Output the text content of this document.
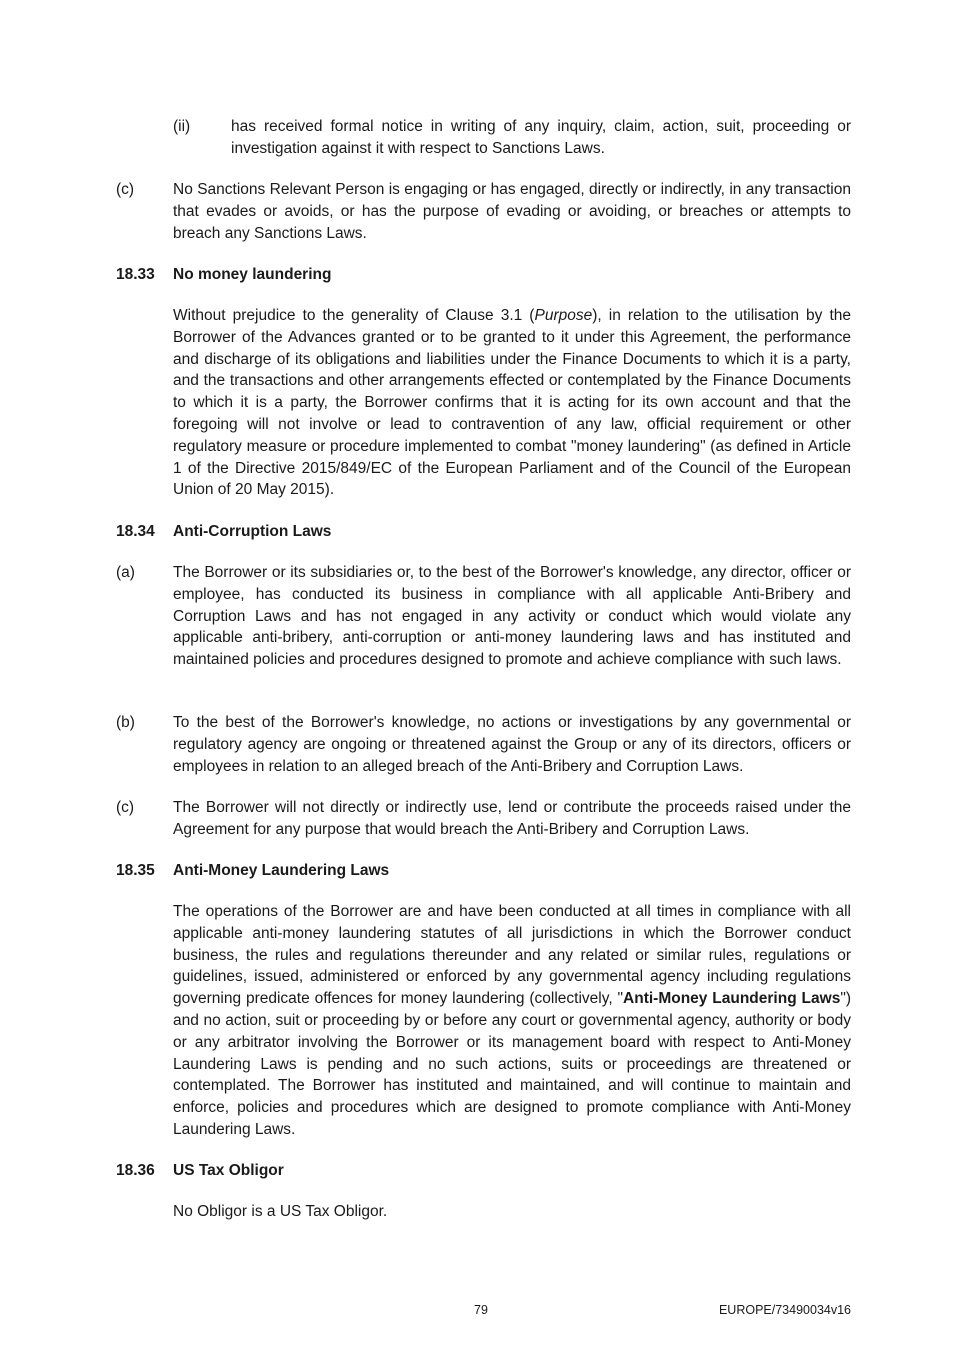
(ii)	has received formal notice in writing of any inquiry, claim, action, suit, proceeding or investigation against it with respect to Sanctions Laws.

(c)	No Sanctions Relevant Person is engaging or has engaged, directly or indirectly, in any transaction that evades or avoids, or has the purpose of evading or avoiding, or breaches or attempts to breach any Sanctions Laws.

18.33 No money laundering

Without prejudice to the generality of Clause 3.1 (Purpose), in relation to the utilisation by the Borrower of the Advances granted or to be granted to it under this Agreement, the performance and discharge of its obligations and liabilities under the Finance Documents to which it is a party, and the transactions and other arrangements effected or contemplated by the Finance Documents to which it is a party, the Borrower confirms that it is acting for its own account and that the foregoing will not involve or lead to contravention of any law, official requirement or other regulatory measure or procedure implemented to combat "money laundering" (as defined in Article 1 of the Directive 2015/849/EC of the European Parliament and of the Council of the European Union of 20 May 2015).

18.34 Anti-Corruption Laws
(a) The Borrower or its subsidiaries or, to the best of the Borrower's knowledge, any director, officer or employee, has conducted its business in compliance with all applicable Anti-Bribery and Corruption Laws and has not engaged in any activity or conduct which would violate any applicable anti-bribery, anti-corruption or anti-money laundering laws and has instituted and maintained policies and procedures designed to promote and achieve compliance with such laws.

(b) To the best of the Borrower's knowledge, no actions or investigations by any governmental or regulatory agency are ongoing or threatened against the Group or any of its directors, officers or employees in relation to an alleged breach of the Anti-Bribery and Corruption Laws.

(c)	The Borrower will not directly or indirectly use, lend or contribute the proceeds raised under the Agreement for any purpose that would breach the Anti-Bribery and Corruption Laws.

18.35 Anti-Money Laundering Laws

The operations of the Borrower are and have been conducted at all times in compliance with all applicable anti-money laundering statutes of all jurisdictions in which the Borrower conduct business, the rules and regulations thereunder and any related or similar rules, regulations or guidelines, issued, administered or enforced by any governmental agency including regulations governing predicate offences for money laundering (collectively, "Anti-Money Laundering Laws") and no action, suit or proceeding by or before any court or governmental agency, authority or body or any arbitrator involving the Borrower or its management board with respect to Anti-Money Laundering Laws is pending and no such actions, suits or proceedings are threatened or contemplated. The Borrower has instituted and maintained, and will continue to maintain and enforce, policies and procedures which are designed to promote compliance with Anti-Money Laundering Laws.

18.36 US Tax Obligor

No Obligor is a US Tax Obligor.

79	EUROPE/73490034v16
